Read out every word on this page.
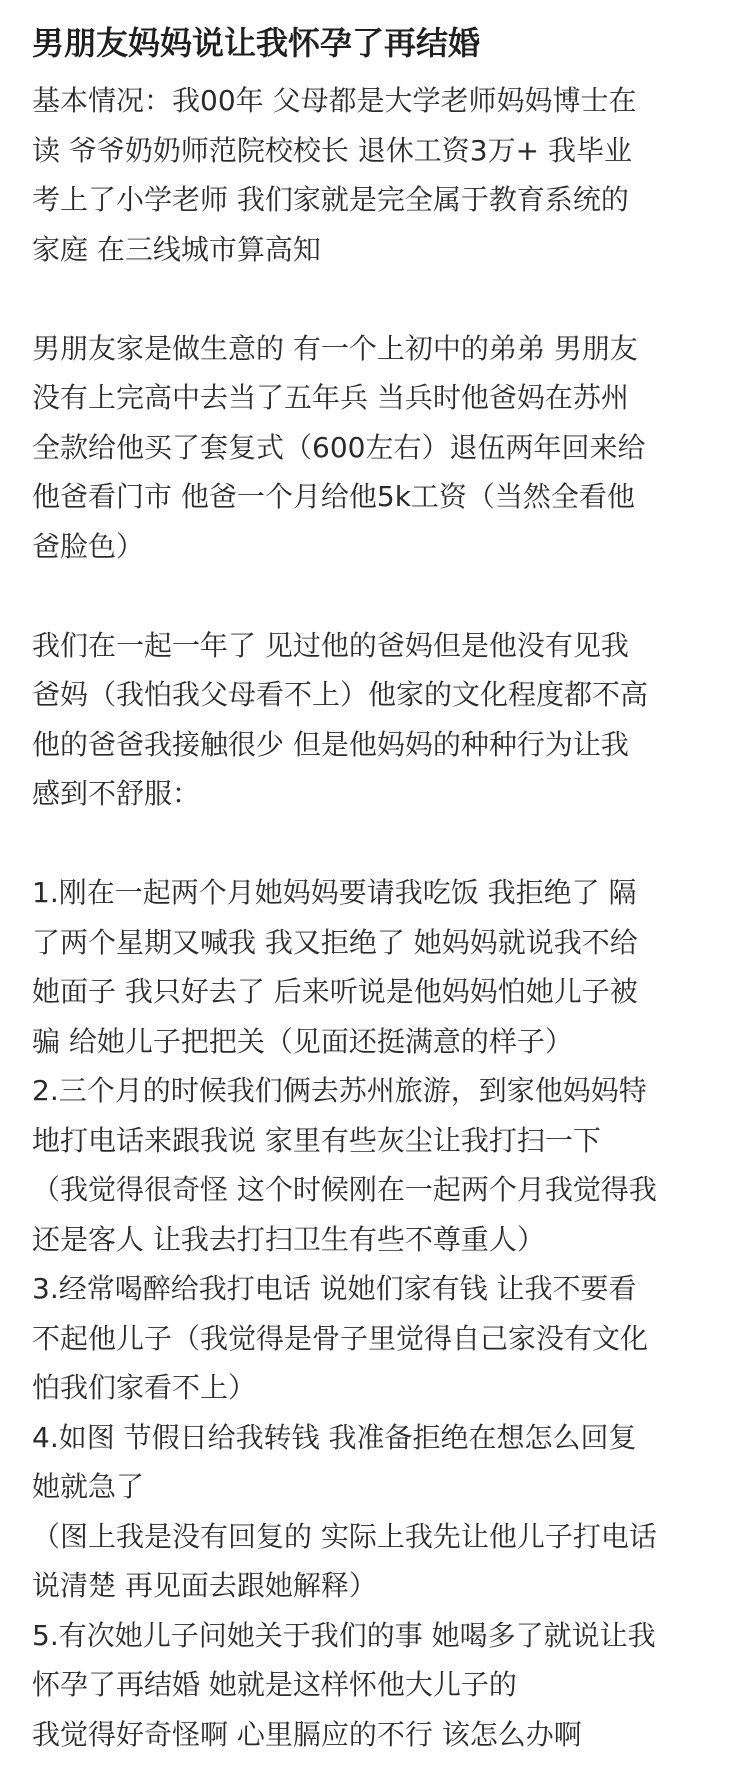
男朋友妈妈说让我怀孕了再结婚
基本情况：我00年 父母都是大学老师妈妈博士在
读 爷爷奶奶师范院校校长 退休工资3万+ 我毕业
考上了小学老师 我们家就是完全属于教育系统的
家庭 在三线城市算高知
男朋友家是做生意的 有一个上初中的弟弟 男朋友
没有上完高中去当了五年兵 当兵时他爸妈在苏州
全款给他买了套复式（600左右）退伍两年回来给
他爸看门市 他爸一个月给他5k工资（当然全看他
爸脸色）
我们在一起一年了 见过他的爸妈但是他没有见我
爸妈（我怕我父母看不上）他家的文化程度都不高
他的爸爸我接触很少 但是他妈妈的种种行为让我
感到不舒服：
1.刚在一起两个月她妈妈要请我吃饭 我拒绝了 隔
了两个星期又喊我 我又拒绝了 她妈妈就说我不给
她面子 我只好去了 后来听说是他妈妈怕她儿子被
骗 给她儿子把把关（见面还挺满意的样子）
2.三个月的时候我们俩去苏州旅游，到家他妈妈特
地打电话来跟我说 家里有些灰尘让我打扫一下
（我觉得很奇怪 这个时候刚在一起两个月我觉得我
还是客人 让我去打扫卫生有些不尊重人）
3.经常喝醉给我打电话 说她们家有钱 让我不要看
不起他儿子（我觉得是骨子里觉得自己家没有文化
怕我们家看不上）
4.如图 节假日给我转钱 我准备拒绝在想怎么回复
她就急了
（图上我是没有回复的 实际上我先让他儿子打电话
说清楚 再见面去跟她解释）
5.有次她儿子问她关于我们的事 她喝多了就说让我
怀孕了再结婚 她就是这样怀他大儿子的
我觉得好奇怪啊 心里膈应的不行 该怎么办啊
